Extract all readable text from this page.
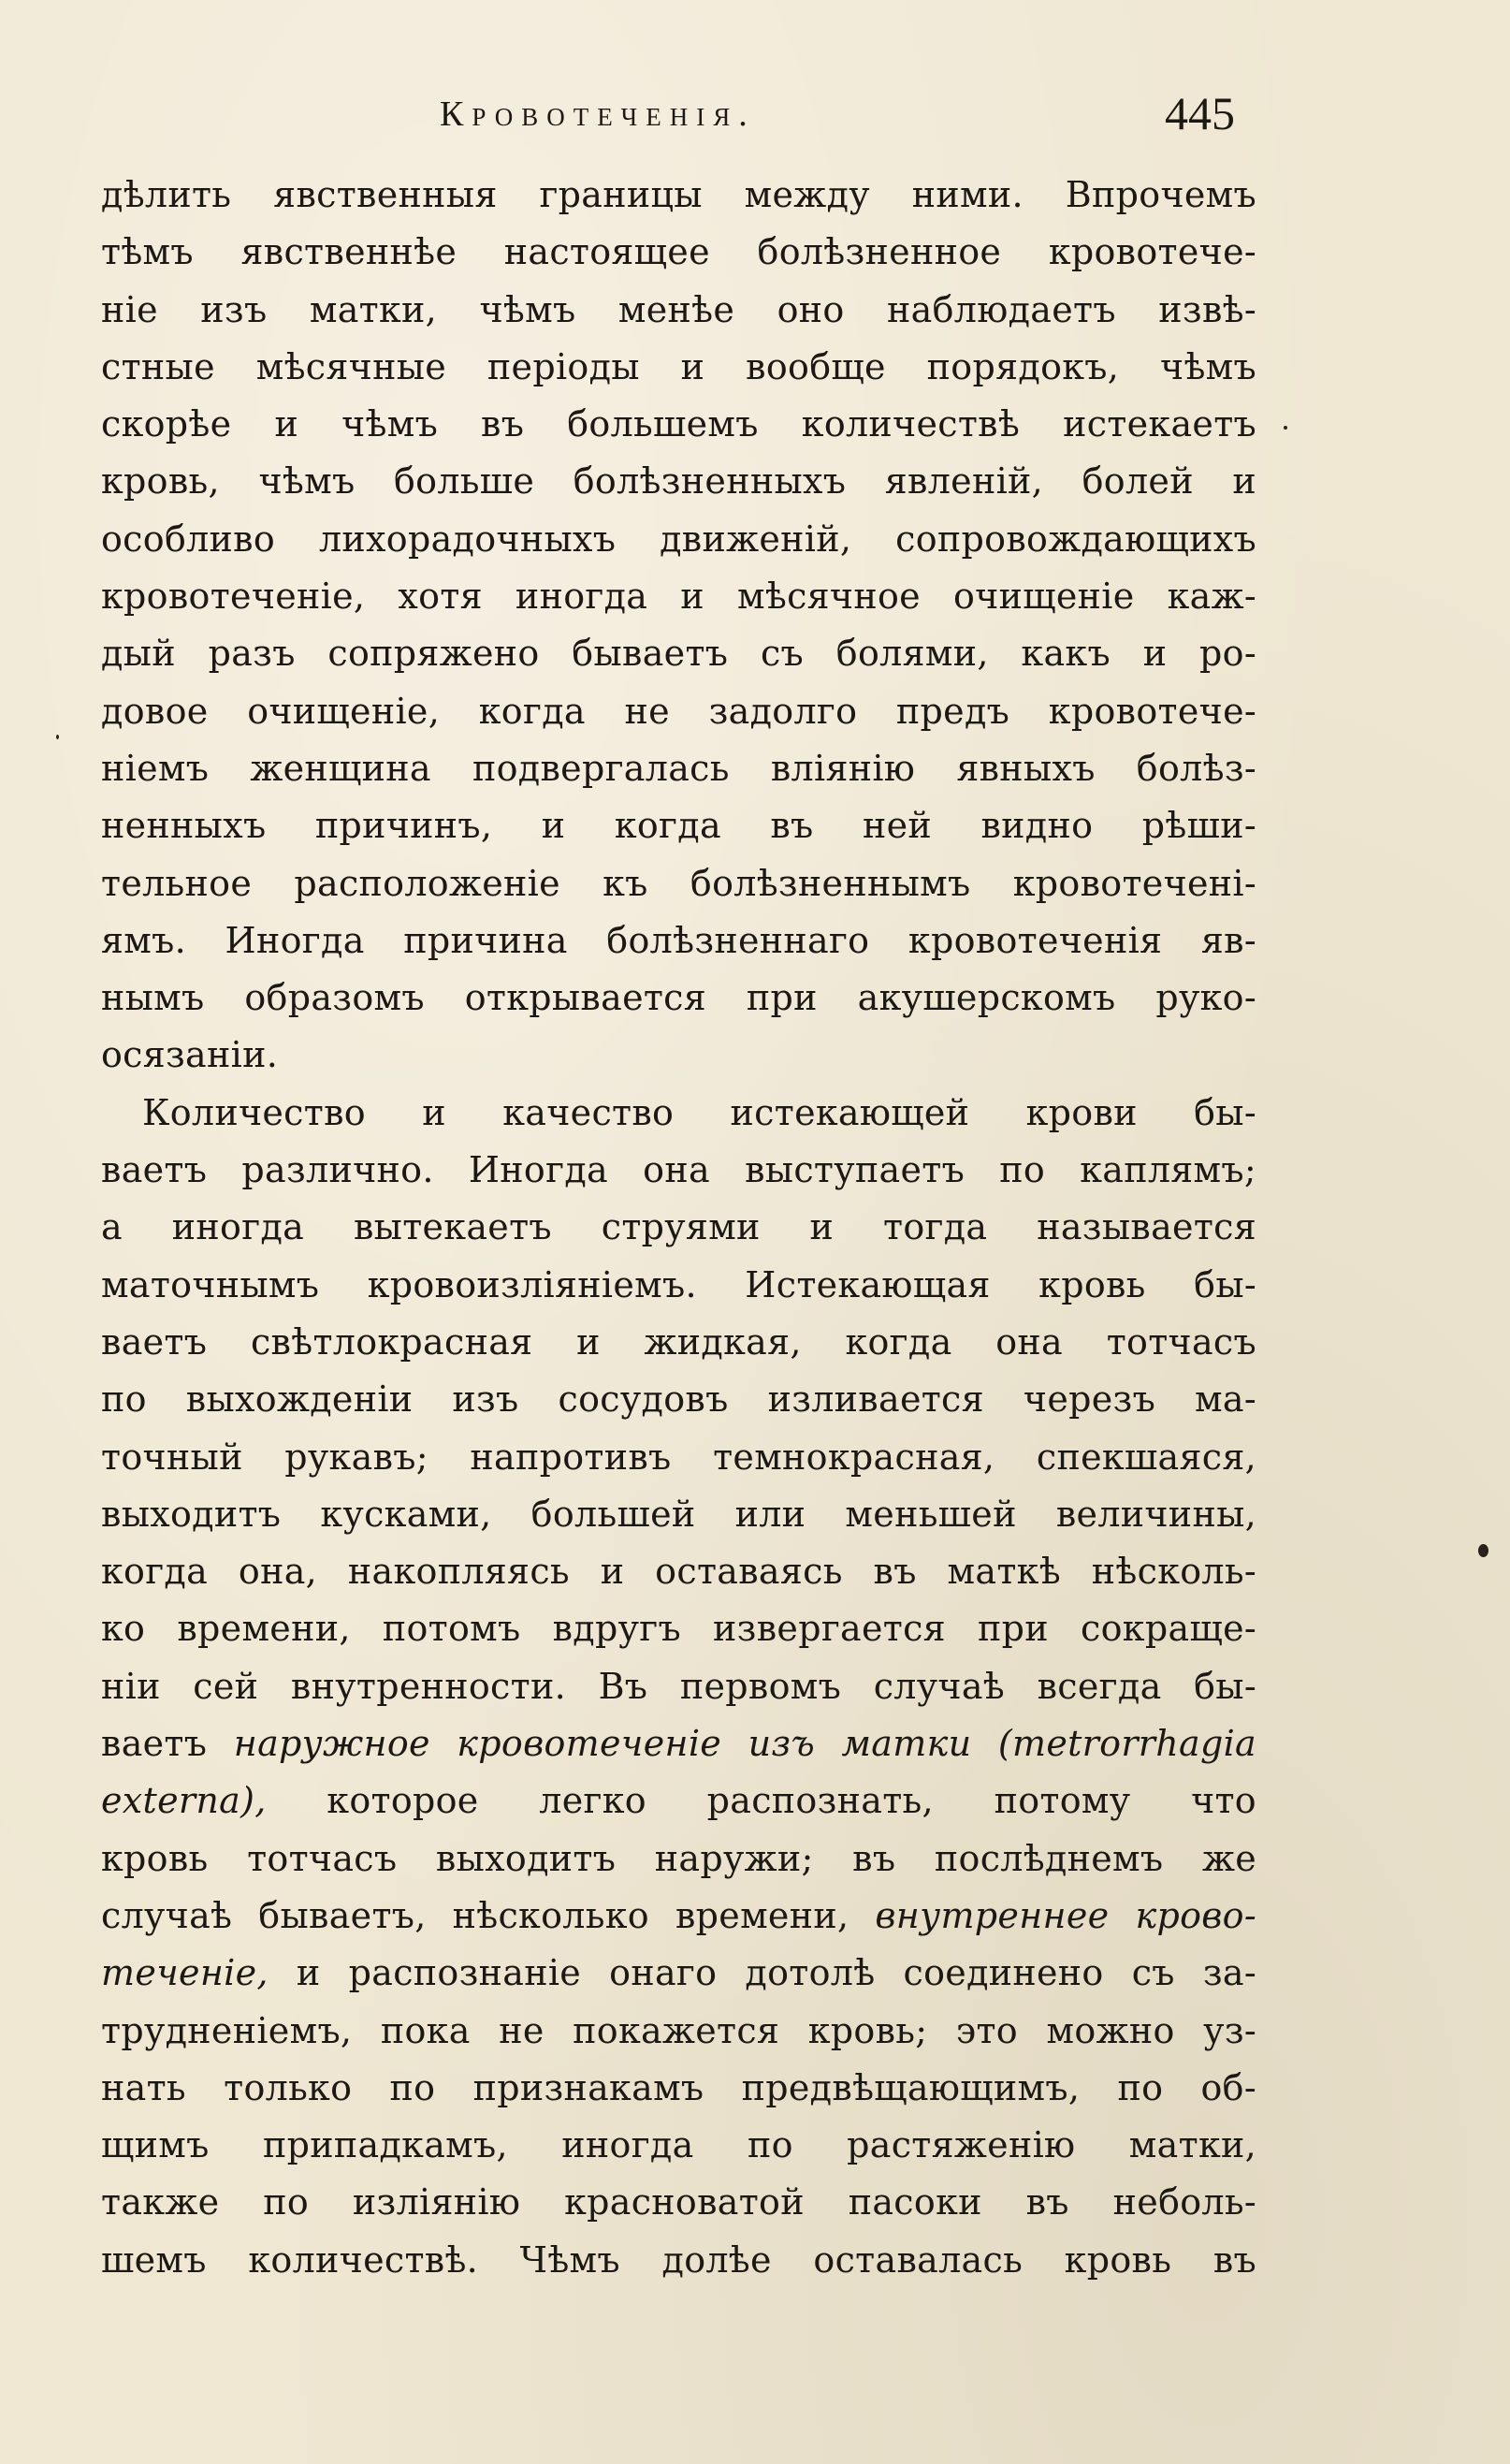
Кровотеченія.	445
дѣлить явственныя границы между ними. Впрочемъ
тѣмъ явственнѣе настоящее болѣзненное кровотече-
ніе изъ матки, чѣмъ менѣе оно наблюдаетъ извѣ-
стные мѣсячные періоды и вообще порядокъ, чѣмъ
скорѣе и чѣмъ въ большемъ количествѣ истекаетъ
кровь, чѣмъ больше болѣзненныхъ явленій, болей и
особливо лихорадочныхъ движеній, сопровождающихъ
кровотеченіе, хотя иногда и мѣсячное очищеніе каж-
дый разъ сопряжено бываетъ съ болями, какъ и ро-
довое очищеніе, когда не задолго предъ кровотече-
ніемъ женщина подвергалась вліянію явныхъ болѣз-
ненныхъ причинъ, и когда въ ней видно рѣши-
тельное расположеніе къ болѣзненнымъ кровотечені-
ямъ. Иногда причина болѣзненнаго кровотеченія яв-
нымъ образомъ открывается при акушерскомъ руко-
осязаніи.
Количество и качество истекающей крови бы-
ваетъ различно. Иногда она выступаетъ по каплямъ;
а иногда вытекаетъ струями и тогда называется
маточнымъ кровоизліяніемъ. Истекающая кровь бы-
ваетъ свѣтлокрасная и жидкая, когда она тотчасъ
по выхожденіи изъ сосудовъ изливается черезъ ма-
точный рукавъ; напротивъ темнокрасная, спекшаяся,
выходитъ кусками, большей или меньшей величины,
когда она, накопляясь и оставаясь въ маткѣ нѣсколь-
ко времени, потомъ вдругъ извергается при сокраще-
ніи сей внутренности. Въ первомъ случаѣ всегда бы-
ваетъ наружное кровотеченіе изъ матки (metrorrhagia
externa), которое легко распознать, потому что
кровь тотчасъ выходитъ наружи; въ послѣднемъ же
случаѣ бываетъ, нѣсколько времени, внутреннее крово-
теченіе, и распознаніе онаго дотолѣ соединено съ за-
трудненіемъ, пока не покажется кровь; это можно уз-
нать только по признакамъ предвѣщающимъ, по об-
щимъ припадкамъ, иногда по растяженію матки,
также по изліянію красноватой пасоки въ неболь-
шемъ количествѣ. Чѣмъ долѣе оставалась кровь въ
